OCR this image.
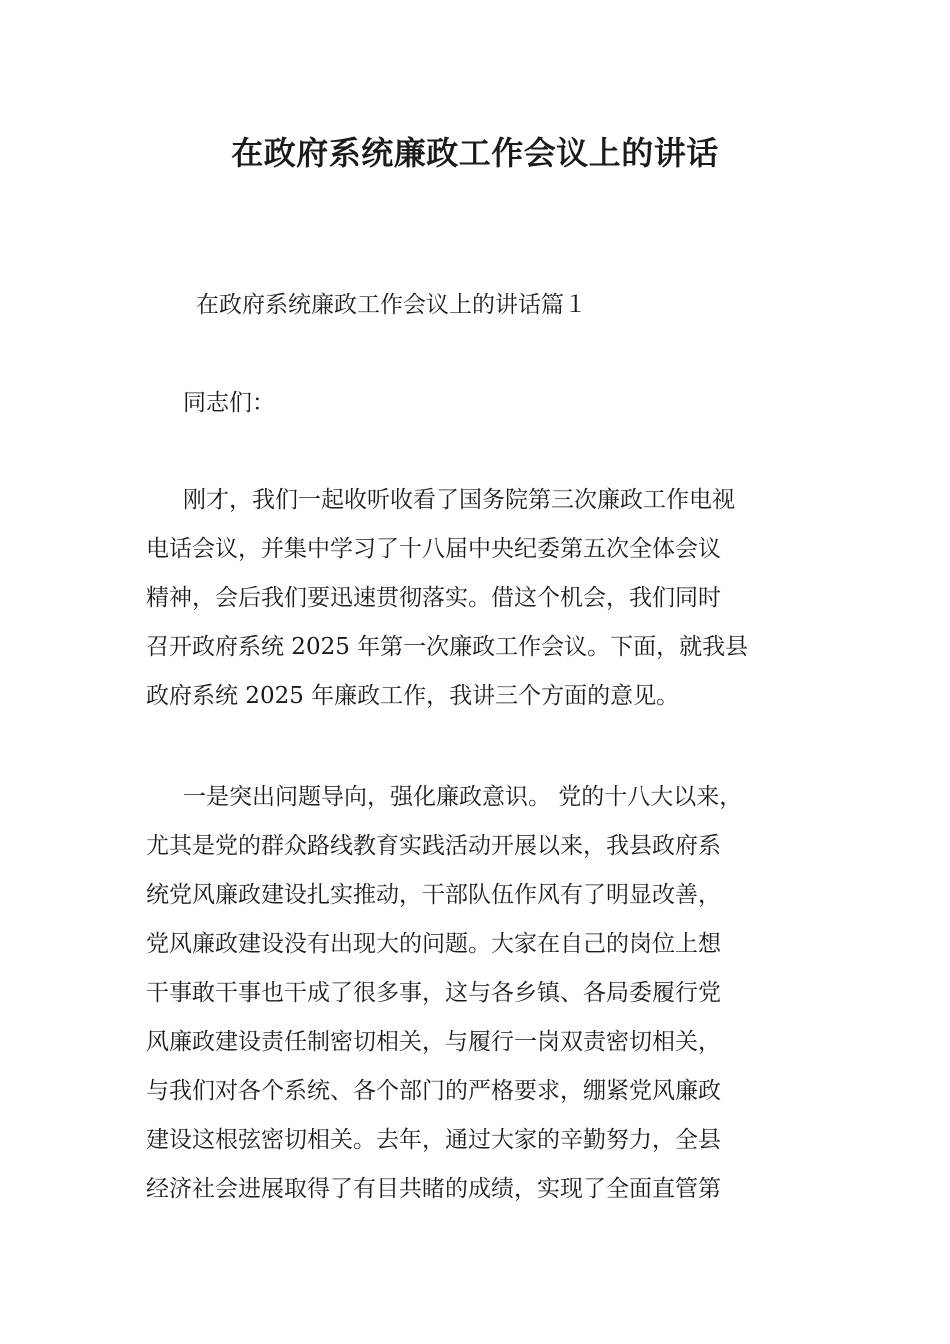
在政府系统廉政工作会议上的讲话

在政府系统廉政工作会议上的讲话篇１

同志们：

刚才，我们一起收听收看了国务院第三次廉政工作电视
电话会议，并集中学习了十八届中央纪委第五次全体会议
精神，会后我们要迅速贯彻落实。借这个机会，我们同时
召开政府系统 2025 年第一次廉政工作会议。下面，就我县
政府系统 2025 年廉政工作，我讲三个方面的意见。
一是突出问题导向，强化廉政意识。 党的十八大以来，
尤其是党的群众路线教育实践活动开展以来，我县政府系
统党风廉政建设扎实推动，干部队伍作风有了明显改善，
党风廉政建设没有出现大的问题。大家在自己的岗位上想
干事敢干事也干成了很多事，这与各乡镇、各局委履行党
风廉政建设责任制密切相关，与履行一岗双责密切相关，
与我们对各个系统、各个部门的严格要求，绷紧党风廉政
建设这根弦密切相关。去年，通过大家的辛勤努力，全县
经济社会进展取得了有目共睹的成绩，实现了全面直管第
